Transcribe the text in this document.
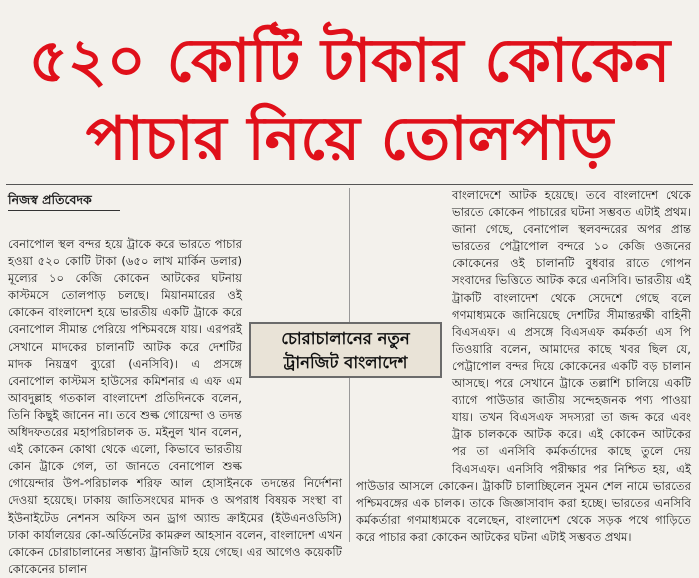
৫২০ কোটি টাকার কোকেন
পাচার নিয়ে তোলপাড়
নিজস্ব প্রতিবেদক

বেনাপোল স্থল বন্দর হয়ে ট্রাকে করে ভারতে পাচার হওয়া ৫২০ কোটি টাকা (৬৫০ লাখ মার্কিন ডলার) মূল্যের ১০ কেজি কোকেন আটকের ঘটনায় কাস্টমসে তোলপাড় চলছে। মিয়ানমারের ওই কোকেন বাংলাদেশ হয়ে ভারতীয় একটি ট্রাকে করে বেনাপোল সীমান্ত পেরিয়ে পশ্চিমবঙ্গে যায়। এরপরই সেখানে মাদকের চালানটি আটক করে দেশটির মাদক নিয়ন্ত্রণ ব্যুরো (এনসিবি)। এ প্রসঙ্গে বেনাপোল কাস্টমস হাউসের কমিশনার এ এফ এম আবদুল্লাহ গতকাল বাংলাদেশ প্রতিদিনকে বলেন, তিনি কিছুই জানেন না। তবে শুল্ক গোয়েন্দা ও তদন্ত অধিদফতরের মহাপরিচালক ড. মইনুল খান বলেন, এই কোকেন কোথা থেকে এলো, কিভাবে ভারতীয় কোন ট্রাকে গেল, তা জানতে বেনাপোল শুল্ক গোয়েন্দার উপ-পরিচালক শরিফ আল হোসাইনকে তদন্তের নির্দেশনা দেওয়া হয়েছে। ঢাকায় জাতিসংঘের মাদক ও অপরাধ বিষয়ক সংস্থা বা ইউনাইটেড নেশনস অফিস অন ড্রাগ অ্যান্ড ক্রাইমের (ইউএনওডিসি) ঢাকা কার্যালয়ের কো-অর্ডিনেটর কামরুল আহসান বলেন, বাংলাদেশ এখন কোকেন চোরাচালানের সম্ভাব্য ট্রানজিট হয়ে গেছে। এর আগেও কয়েকটি কোকেনের চালান

বাংলাদেশে আটক হয়েছে। তবে বাংলাদেশ থেকে ভারতে কোকেন পাচারের ঘটনা সম্ভবত এটাই প্রথম। জানা গেছে, বেনাপোল স্থলবন্দরের অপর প্রান্ত ভারতের পেট্রাপোল বন্দরে ১০ কেজি ওজনের কোকেনের ওই চালানটি বুধবার রাতে গোপন সংবাদের ভিত্তিতে আটক করে এনসিবি। ভারতীয় এই ট্রাকটি বাংলাদেশ থেকে সেদেশে গেছে বলে গণমাধ্যমকে জানিয়েছে দেশটির সীমান্তরক্ষী বাহিনী বিএসএফ। এ প্রসঙ্গে বিএসএফ কর্মকর্তা এস পি তিওয়ারি বলেন, আমাদের কাছে খবর ছিল যে, পেট্রাপোল বন্দর দিয়ে কোকেনের একটি বড় চালান আসছে। পরে সেখানে ট্রাকে তল্লাশি চালিয়ে একটি ব্যাগে পাউডার জাতীয় সন্দেহজনক পণ্য পাওয়া যায়। তখন বিএসএফ সদস্যরা তা জব্দ করে এবং ট্রাক চালককে আটক করে। এই কোকেন আটকের পর তা এনসিবি কর্মকর্তাদের কাছে তুলে দেয় বিএসএফ। এনসিবি পরীক্ষার পর নিশ্চিত হয়, এই পাউডার আসলে কোকেন। ট্রাকটি চালাচ্ছিলেন সুমন শেল নামে ভারতের পশ্চিমবঙ্গের এক চালক। তাকে জিজ্ঞাসাবাদ করা হচ্ছে। ভারতের এনসিবি কর্মকর্তারা গণমাধ্যমকে বলেছেন, বাংলাদেশ থেকে সড়ক পথে গাড়িতে করে পাচার করা কোকেন আটকের ঘটনা এটাই সম্ভবত প্রথম।

চোরাচালানের নতুন
ট্রানজিট বাংলাদেশ
